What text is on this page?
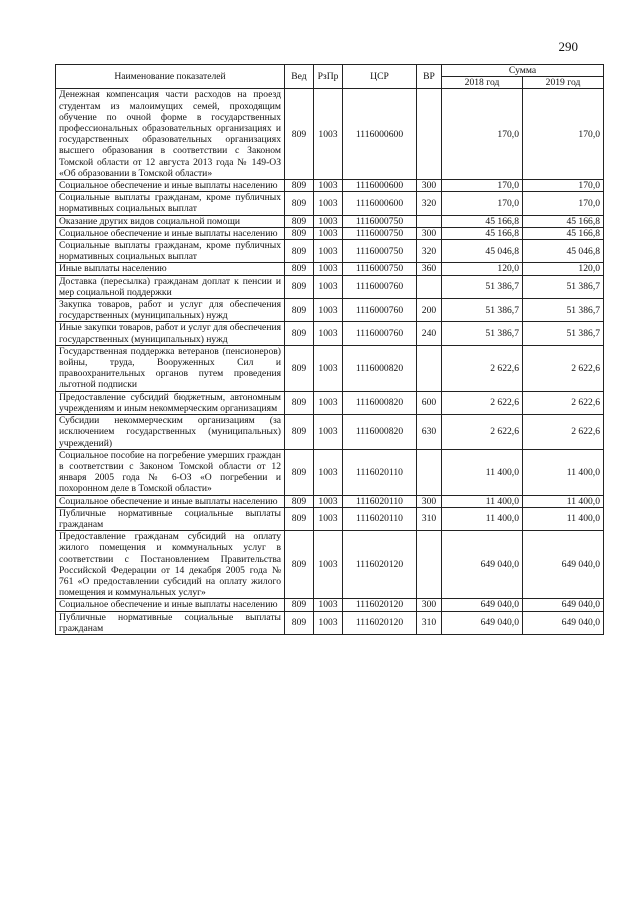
290
Наименование показателей	Вед	РзПр	ЦСР	ВР	Сумма	
					2018 год	2019 год
Денежная компенсация части расходов на проезд студентам из малоимущих семей, проходящим обучение по очной форме в государственных профессиональных образовательных организациях и государственных образовательных организациях высшего образования в соответствии с Законом Томской области от 12 августа 2013 года № 149-ОЗ «Об образовании в Томской области»	809	1003	1116000600		170,0	170,0
Социальное обеспечение и иные выплаты населению	809	1003	1116000600	300	170,0	170,0
Социальные выплаты гражданам, кроме публичных нормативных социальных выплат	809	1003	1116000600	320	170,0	170,0
Оказание других видов социальной помощи	809	1003	1116000750		45 166,8	45 166,8
Социальное обеспечение и иные выплаты населению	809	1003	1116000750	300	45 166,8	45 166,8
Социальные выплаты гражданам, кроме публичных нормативных социальных выплат	809	1003	1116000750	320	45 046,8	45 046,8
Иные выплаты населению	809	1003	1116000750	360	120,0	120,0
Доставка (пересылка) гражданам доплат к пенсии и мер социальной поддержки	809	1003	1116000760		51 386,7	51 386,7
Закупка товаров, работ и услуг для обеспечения государственных (муниципальных) нужд	809	1003	1116000760	200	51 386,7	51 386,7
Иные закупки товаров, работ и услуг для обеспечения государственных (муниципальных) нужд	809	1003	1116000760	240	51 386,7	51 386,7
Государственная поддержка ветеранов (пенсионеров) войны, труда, Вооруженных Сил и правоохранительных органов путем проведения льготной подписки	809	1003	1116000820		2 622,6	2 622,6
Предоставление субсидий бюджетным, автономным учреждениям и иным некоммерческим организациям	809	1003	1116000820	600	2 622,6	2 622,6
Субсидии некоммерческим организациям (за исключением государственных (муниципальных) учреждений)	809	1003	1116000820	630	2 622,6	2 622,6
Социальное пособие на погребение умерших граждан в соответствии с Законом Томской области от 12 января 2005 года № 6-ОЗ «О погребении и похоронном деле в Томской области»	809	1003	1116020110		11 400,0	11 400,0
Социальное обеспечение и иные выплаты населению	809	1003	1116020110	300	11 400,0	11 400,0
Публичные нормативные социальные выплаты гражданам	809	1003	1116020110	310	11 400,0	11 400,0
Предоставление гражданам субсидий на оплату жилого помещения и коммунальных услуг в соответствии с Постановлением Правительства Российской Федерации от 14 декабря 2005 года № 761 «О предоставлении субсидий на оплату жилого помещения и коммунальных услуг»	809	1003	1116020120		649 040,0	649 040,0
Социальное обеспечение и иные выплаты населению	809	1003	1116020120	300	649 040,0	649 040,0
Публичные нормативные социальные выплаты гражданам	809	1003	1116020120	310	649 040,0	649 040,0
